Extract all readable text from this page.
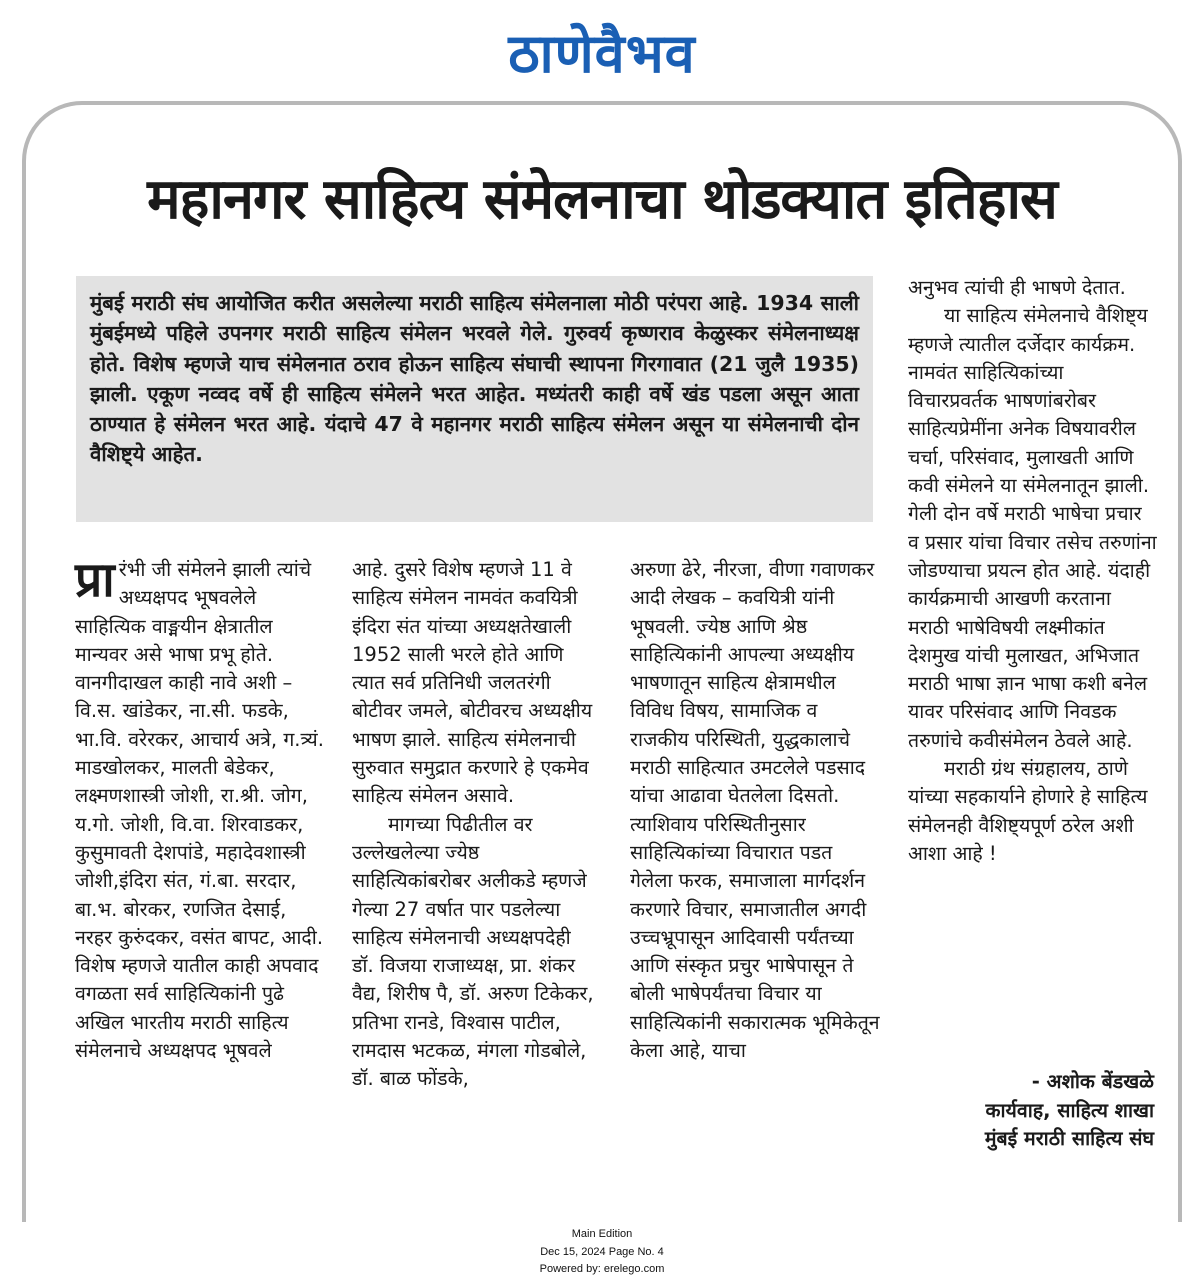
ठाणेवैभव
महानगर साहित्य संमेलनाचा थोडक्यात इतिहास
मुंबई मराठी संघ आयोजित करीत असलेल्या मराठी साहित्य संमेलनाला मोठी परंपरा आहे. 1934 साली मुंबईमध्ये पहिले उपनगर मराठी साहित्य संमेलन भरवले गेले. गुरुवर्य कृष्णराव केळुस्कर संमेलनाध्यक्ष होते. विशेष म्हणजे याच संमेलनात ठराव होऊन साहित्य संघाची स्थापना गिरगावात (21 जुलै 1935) झाली. एकूण नव्वद वर्षे ही साहित्य संमेलने भरत आहेत. मध्यंतरी काही वर्षे खंड पडला असून आता ठाण्यात हे संमेलन भरत आहे. यंदाचे 47 वे महानगर मराठी साहित्य संमेलन असून या संमेलनाची दोन वैशिष्ट्ये आहेत.

प्रा रंभी जी संमेलने झाली त्यांचे अध्यक्षपद भूषवलेले साहित्यिक वाङ्मयीन क्षेत्रातील मान्यवर असे भाषा प्रभू होते. वानगीदाखल काही नावे अशी – वि.स. खांडेकर, ना.सी. फडके, भा.वि. वरेरकर, आचार्य अत्रे, ग.त्र्यं. माडखोलकर, मालती बेडेकर, लक्ष्मणशास्त्री जोशी, रा.श्री. जोग, य.गो. जोशी, वि.वा. शिरवाडकर, कुसुमावती देशपांडे, महादेवशास्त्री जोशी,इंदिरा संत, गं.बा. सरदार, बा.भ. बोरकर, रणजित देसाई, नरहर कुरुंदकर, वसंत बापट, आदी. विशेष म्हणजे यातील काही अपवाद वगळता सर्व साहित्यिकांनी पुढे अखिल भारतीय मराठी साहित्य संमेलनाचे अध्यक्षपद भूषवले

आहे. दुसरे विशेष म्हणजे 11 वे साहित्य संमेलन नामवंत कवयित्री इंदिरा संत यांच्या अध्यक्षतेखाली 1952 साली भरले होते आणि त्यात सर्व प्रतिनिधी जलतरंगी बोटीवर जमले, बोटीवरच अध्यक्षीय भाषण झाले. साहित्य संमेलनाची सुरुवात समुद्रात करणारे हे एकमेव साहित्य संमेलन असावे.

मागच्या पिढीतील वर उल्लेखलेल्या ज्येष्ठ साहित्यिकांबरोबर अलीकडे म्हणजे गेल्या 27 वर्षात पार पडलेल्या साहित्य संमेलनाची अध्यक्षपदेही डॉ. विजया राजाध्यक्ष, प्रा. शंकर वैद्य, शिरीष पै, डॉ. अरुण टिकेकर, प्रतिभा रानडे, विश्वास पाटील, रामदास भटकळ, मंगला गोडबोले, डॉ. बाळ फोंडके,

अरुणा ढेरे, नीरजा, वीणा गवाणकर आदी लेखक – कवयित्री यांनी भूषवली. ज्येष्ठ आणि श्रेष्ठ साहित्यिकांनी आपल्या अध्यक्षीय भाषणातून साहित्य क्षेत्रामधील विविध विषय, सामाजिक व राजकीय परिस्थिती, युद्धकालाचे मराठी साहित्यात उमटलेले पडसाद यांचा आढावा घेतलेला दिसतो. त्याशिवाय परिस्थितीनुसार साहित्यिकांच्या विचारात पडत गेलेला फरक, समाजाला मार्गदर्शन करणारे विचार, समाजातील अगदी उच्चभ्रूपासून आदिवासी पर्यंतच्या आणि संस्कृत प्रचुर भाषेपासून ते बोली भाषेपर्यंतचा विचार या साहित्यिकांनी सकारात्मक भूमिकेतून केला आहे, याचा

अनुभव त्यांची ही भाषणे देतात.

या साहित्य संमेलनाचे वैशिष्ट्य म्हणजे त्यातील दर्जेदार कार्यक्रम. नामवंत साहित्यिकांच्या विचारप्रवर्तक भाषणांबरोबर साहित्यप्रेमींना अनेक विषयावरील चर्चा, परिसंवाद, मुलाखती आणि कवी संमेलने या संमेलनातून झाली. गेली दोन वर्षे मराठी भाषेचा प्रचार व प्रसार यांचा विचार तसेच तरुणांना जोडण्याचा प्रयत्न होत आहे. यंदाही कार्यक्रमाची आखणी करताना मराठी भाषेविषयी लक्ष्मीकांत देशमुख यांची मुलाखत, अभिजात मराठी भाषा ज्ञान भाषा कशी बनेल यावर परिसंवाद आणि निवडक तरुणांचे कवीसंमेलन ठेवले आहे.

मराठी ग्रंथ संग्रहालय, ठाणे यांच्या सहकार्याने होणारे हे साहित्य संमेलनही वैशिष्ट्यपूर्ण ठरेल अशी आशा आहे !

- अशोक बेंडखळे
कार्यवाह, साहित्य शाखा
मुंबई मराठी साहित्य संघ
Main Edition
Dec 15, 2024 Page No. 4
Powered by: erelego.com
